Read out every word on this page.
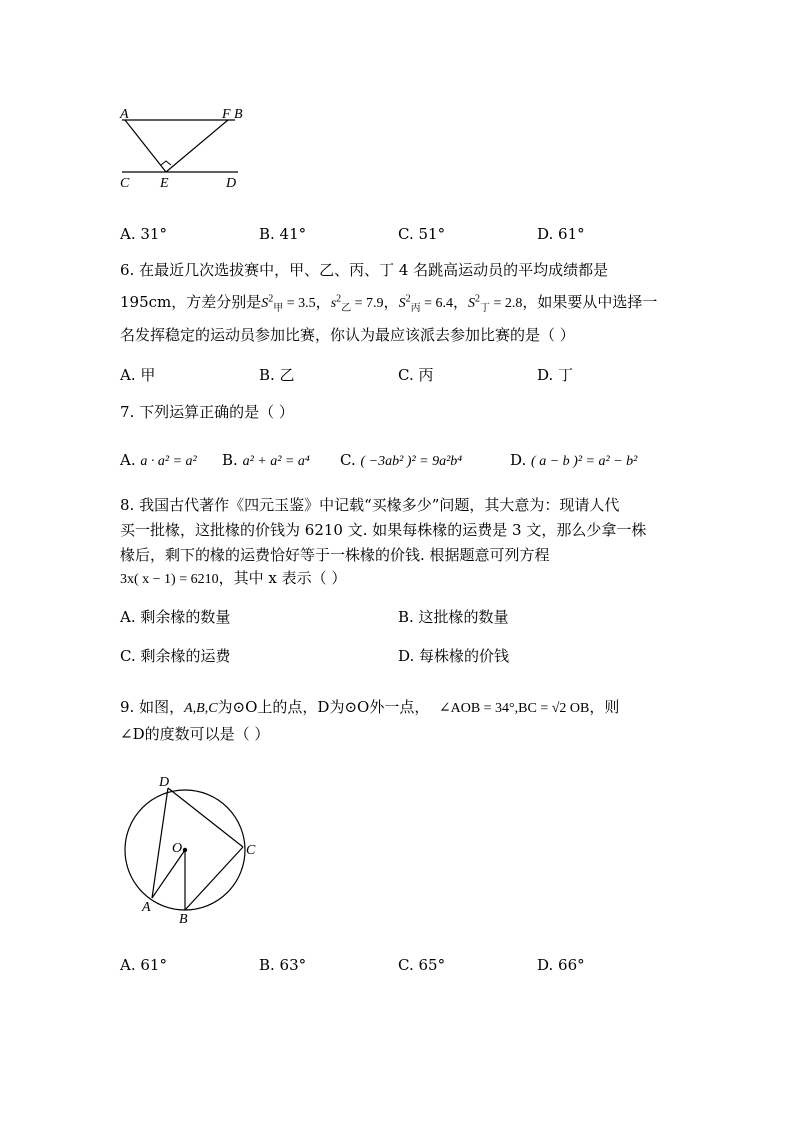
A	F B
C E	D
A. 31°	B. 41°	C. 51°	D. 61°
6. 在最近几次选拔赛中，甲、乙、丙、丁 4 名跳高运动员的平均成绩都是
195cm，方差分别是$S^2_甲 = 3.5$，$s^2_乙 = 7.9$，$S^2_丙 = 6.4$，$S^2_丁 = 2.8$，如果要从中选择一
名发挥稳定的运动员参加比赛，你认为最应该派去参加比赛的是（ ）
A. 甲	B. 乙	C. 丙	D. 丁
7. 下列运算正确的是（ ）
A. a · a² = a² B. a² + a² = a⁴ C. ( −3ab² )² = 9a²b⁴	D. ( a − b )² = a² − b²
8. 我国古代著作《四元玉鉴》中记载“买椽多少”问题，其大意为：现请人代
买一批椽，这批椽的价钱为 6210 文. 如果每株椽的运费是 3 文，那么少拿一株
椽后，剩下的椽的运费恰好等于一株椽的价钱. 根据题意可列方程
3x( x − 1) = 6210，其中 x 表示（ ）
A. 剩余椽的数量	B. 这批椽的数量
C. 剩余椽的运费	D. 每株椽的价钱
9. 如图，A,B,C为⊙O上的点，D为⊙O外一点， ∠AOB = 34°,BC = √2 OB，则
∠D的度数可以是（ ）
D
O	C
A
B
A. 61°	B. 63°	C. 65°	D. 66°
